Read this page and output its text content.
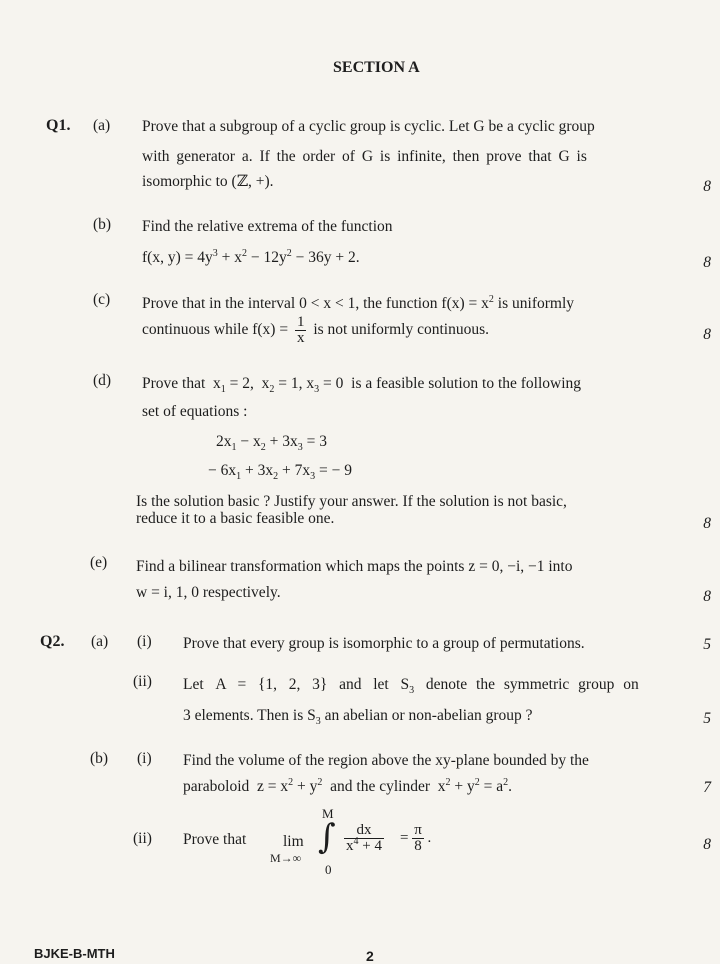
SECTION A
Q1. (a) Prove that a subgroup of a cyclic group is cyclic. Let G be a cyclic group
with generator a. If the order of G is infinite, then prove that G is
isomorphic to (ℤ, +).	8
(b) Find the relative extrema of the function
f(x, $y) = 4y^3 + x^2 - 12y^2 - 36y + 2$.	8
(c) Prove that in the interval 0 < x < 1, the function $f(x) = x^2$ is uniformly
continuous while $f(x) = \frac{1}{x}$ is not uniformly continuous.	8
(d) Prove that  $x_1 = 2$,  $x_2 = 1$, $x_3 = 0$  is a feasible solution to the following
set of equations :
$2x_1 - x_2 + 3x_3 = 3$
− $6x_1 + 3x_2 + 7x_3$ = − 9
Is the solution basic ? Justify your answer. If the solution is not basic,
reduce it to a basic feasible one.	8
(e) Find a bilinear transformation which maps the points z = 0, −i, −1 into
w = i, 1, 0 respectively.	8
Q2. (a) (i) Prove that every group is isomorphic to a group of permutations.	5
(ii) Let  A  =  {1,  2,  3}  and  let  $S_3$ denote the symmetric group on
3 elements. Then is $S_3$ an abelian or non-abelian group ?	5
(b) (i) Find the volume of the region above the xy-plane bounded by the
paraboloid  $z = x^2 + y^2$ and the cylinder  $x^2 + y^2 = a^2$.	7
(ii) Prove that lim
M→∞
M
∫
0
$\frac{dx}{x^4 + 4} = \frac{\pi}{8}$ .	8
BJKE-B-MTH	2
